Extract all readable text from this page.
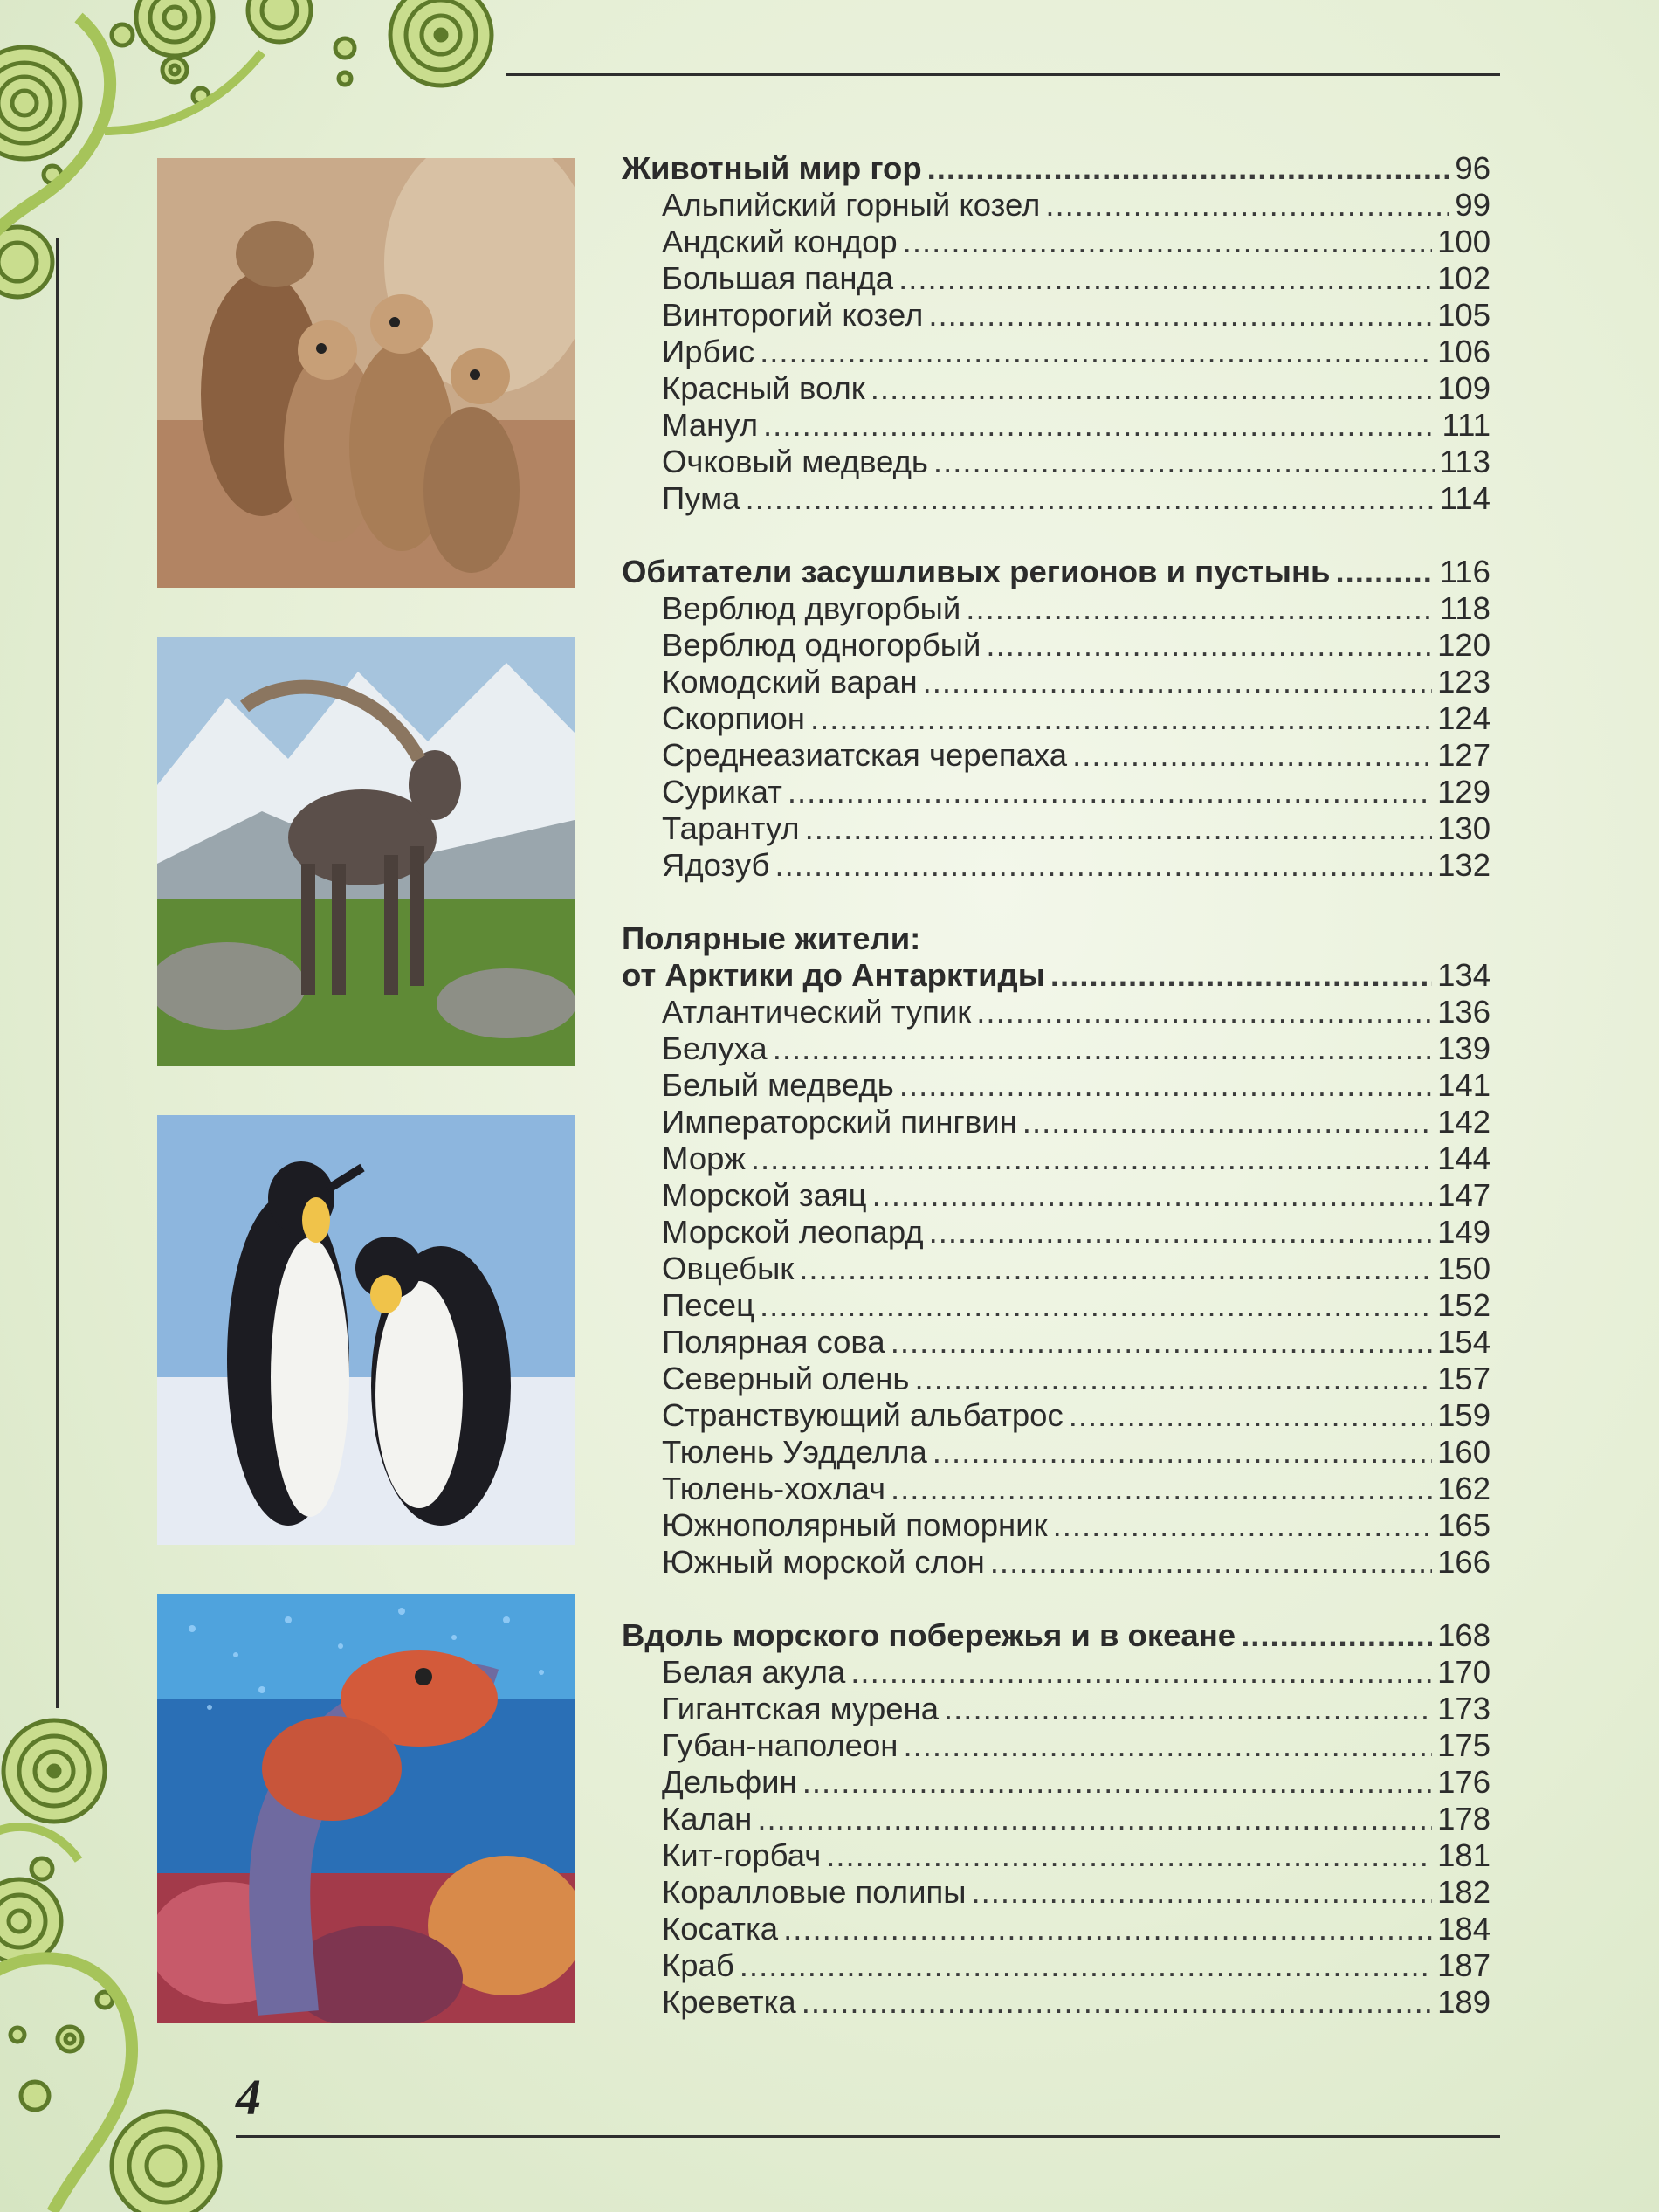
4
Животный мир гор .....	96
Альпийский горный козел .....	99
Андский кондор .....	100
Большая панда .....	102
Винторогий козел .....	105
Ирбис .....	106
Красный волк .....	109
Манул .....	111
Очковый медведь .....	113
Пума .....	114
Обитатели засушливых регионов и пустынь .....	116
Верблюд двугорбый .....	118
Верблюд одногорбый .....	120
Комодский варан .....	123
Скорпион .....	124
Среднеазиатская черепаха .....	127
Сурикат .....	129
Тарантул .....	130
Ядозуб .....	132
Полярные жители:
от Арктики до Антарктиды .....	134
Атлантический тупик .....	136
Белуха .....	139
Белый медведь .....	141
Императорский пингвин .....	142
Морж .....	144
Морской заяц .....	147
Морской леопард .....	149
Овцебык .....	150
Песец .....	152
Полярная сова .....	154
Северный олень .....	157
Странствующий альбатрос .....	159
Тюлень Уэдделла .....	160
Тюлень-хохлач .....	162
Южнополярный поморник .....	165
Южный морской слон .....	166
Вдоль морского побережья и в океане .....	168
Белая акула .....	170
Гигантская мурена .....	173
Губан-наполеон .....	175
Дельфин .....	176
Калан .....	178
Кит-горбач .....	181
Коралловые полипы .....	182
Косатка .....	184
Краб .....	187
Креветка .....	189
